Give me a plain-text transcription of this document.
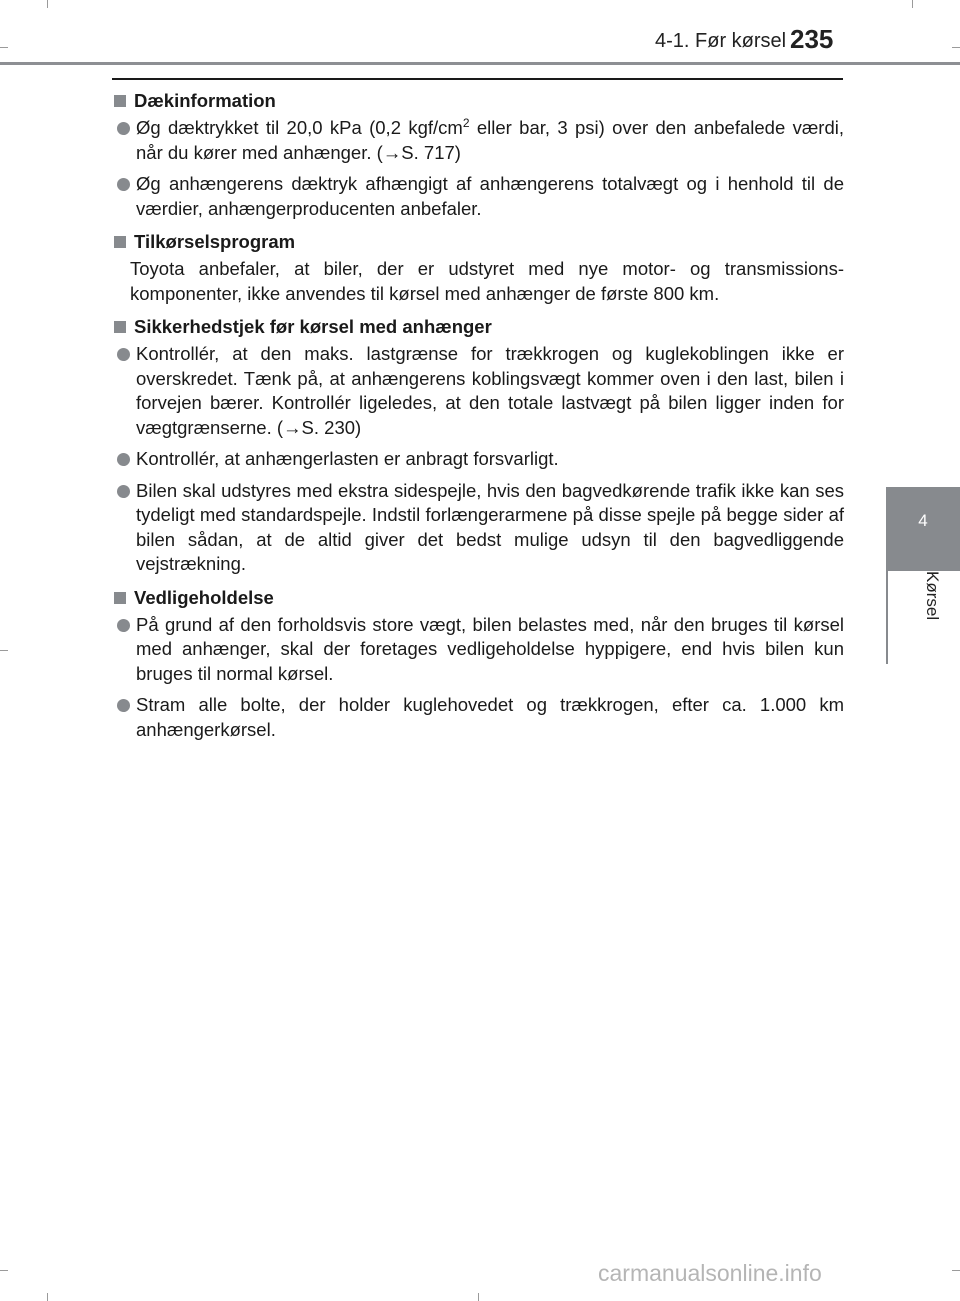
4-1. Før kørsel 235
4
Kørsel
Dækinformation
Øg dæktrykket til 20,0 kPa (0,2 kgf/$cm^2$ eller bar, 3 psi) over den anbefalede værdi, når du kører med anhænger. (→S. 717)
Øg anhængerens dæktryk afhængigt af anhængerens totalvægt og i henhold til de værdier, anhængerproducenten anbefaler.
Tilkørselsprogram
Toyota anbefaler, at biler, der er udstyret med nye motor- og transmissionskomponenter, ikke anvendes til kørsel med anhænger de første 800 km.
Sikkerhedstjek før kørsel med anhænger
Kontrollér, at den maks. lastgrænse for trækkrogen og kuglekoblingen ikke er overskredet. Tænk på, at anhængerens koblingsvægt kommer oven i den last, bilen i forvejen bærer. Kontrollér ligeledes, at den totale lastvægt på bilen ligger inden for vægtgrænserne. (→S. 230)
Kontrollér, at anhængerlasten er anbragt forsvarligt.
Bilen skal udstyres med ekstra sidespejle, hvis den bagvedkørende trafik ikke kan ses tydeligt med standardspejle. Indstil forlængerarmene på disse spejle på begge sider af bilen sådan, at de altid giver det bedst mulige udsyn til den bagvedliggende vejstrækning.
Vedligeholdelse
På grund af den forholdsvis store vægt, bilen belastes med, når den bruges til kørsel med anhænger, skal der foretages vedligeholdelse hyppigere, end hvis bilen kun bruges til normal kørsel.
Stram alle bolte, der holder kuglehovedet og trækkrogen, efter ca. 1.000 km anhængerkørsel.
carmanualsonline.info
